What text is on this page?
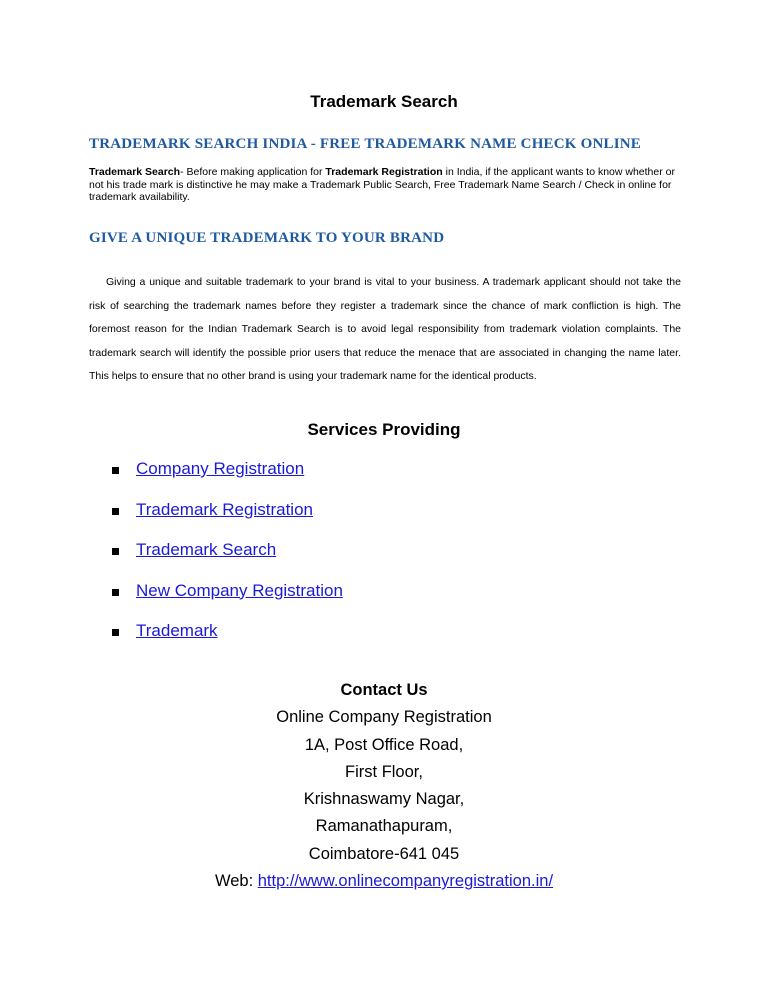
Trademark Search
TRADEMARK SEARCH INDIA - FREE TRADEMARK NAME CHECK ONLINE
Trademark Search- Before making application for Trademark Registration in India, if the applicant wants to know whether or not his trade mark is distinctive he may make a Trademark Public Search, Free Trademark Name Search / Check in online for trademark availability.
GIVE A UNIQUE TRADEMARK TO YOUR BRAND
Giving a unique and suitable trademark to your brand is vital to your business. A trademark applicant should not take the risk of searching the trademark names before they register a trademark since the chance of mark confliction is high. The foremost reason for the Indian Trademark Search is to avoid legal responsibility from trademark violation complaints. The trademark search will identify the possible prior users that reduce the menace that are associated in changing the name later. This helps to ensure that no other brand is using your trademark name for the identical products.
Services Providing
Company Registration
Trademark Registration
Trademark Search
New Company Registration
Trademark
Contact Us
Online Company Registration
1A, Post Office Road,
First Floor,
Krishnaswamy Nagar,
Ramanathapuram,
Coimbatore-641 045
Web: http://www.onlinecompanyregistration.in/
